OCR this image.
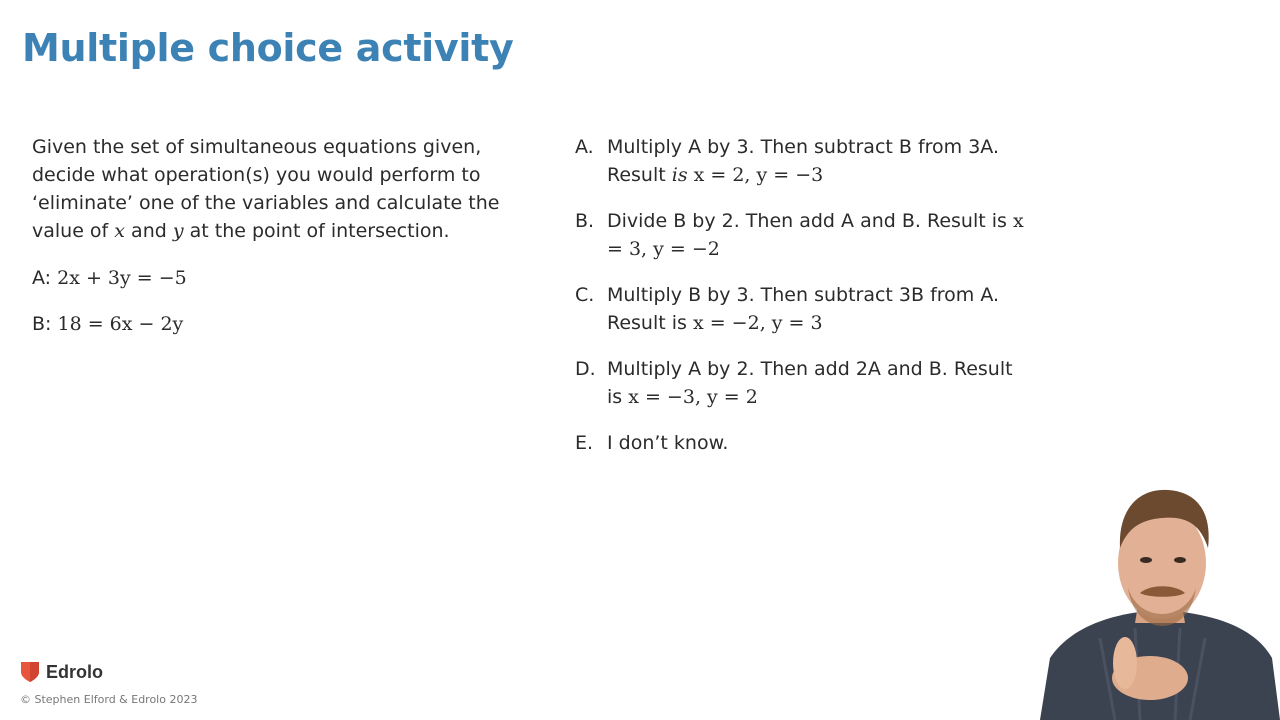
Multiple choice activity
Given the set of simultaneous equations given, decide what operation(s) you would perform to ‘eliminate’ one of the variables and calculate the value of x and y at the point of intersection.
A: 2x + 3y = −5
B: 18 = 6x − 2y
A. Multiply A by 3. Then subtract B from 3A. Result is x = 2, y = −3
B. Divide B by 2. Then add A and B. Result is x = 3, y = −2
C. Multiply B by 3. Then subtract 3B from A. Result is x = −2, y = 3
D. Multiply A by 2. Then add 2A and B. Result is x = −3, y = 2
E. I don’t know.
Edrolo
© Stephen Elford & Edrolo 2023
